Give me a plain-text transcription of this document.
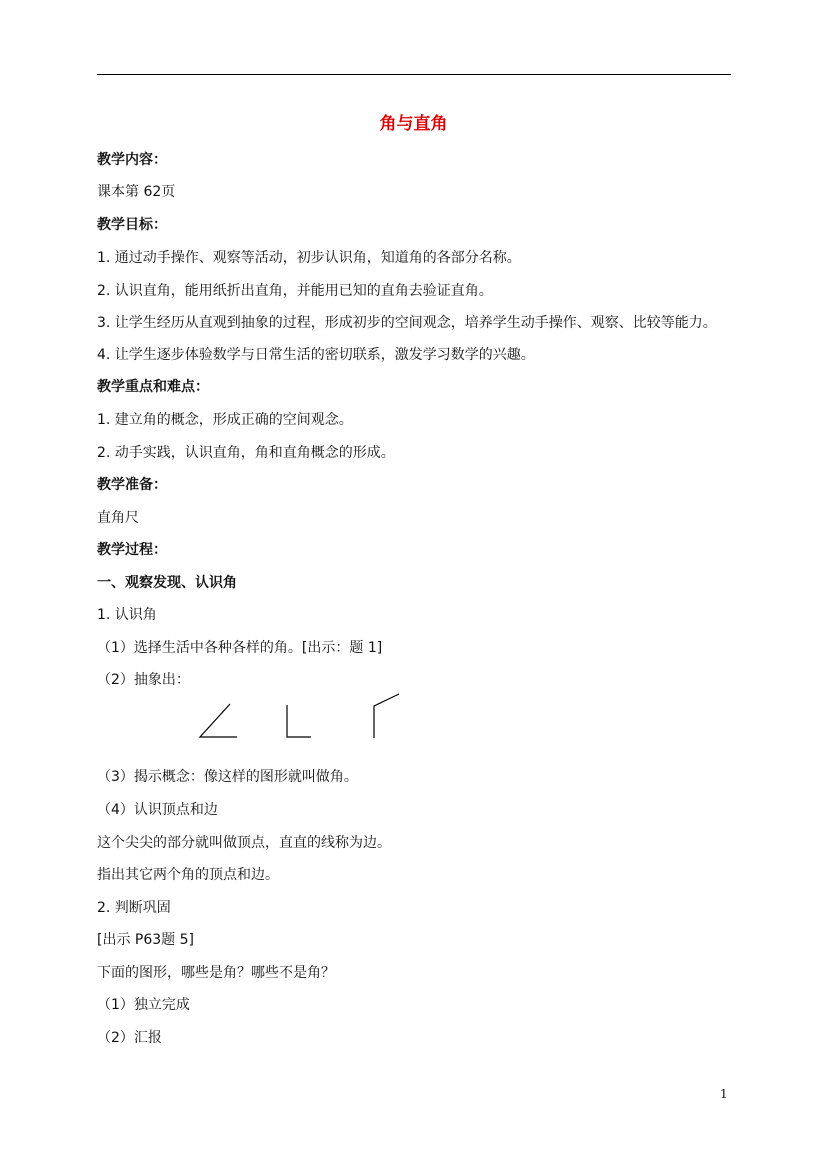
角与直角
教学内容：
课本第 62页
教学目标：
1. 通过动手操作、观察等活动，初步认识角，知道角的各部分名称。
2. 认识直角，能用纸折出直角，并能用已知的直角去验证直角。
3. 让学生经历从直观到抽象的过程，形成初步的空间观念，培养学生动手操作、观察、比较等能力。
4. 让学生逐步体验数学与日常生活的密切联系，激发学习数学的兴趣。
教学重点和难点：
1. 建立角的概念，形成正确的空间观念。
2. 动手实践，认识直角，角和直角概念的形成。
教学准备：
直角尺
教学过程：
一、观察发现、认识角
1. 认识角
（1）选择生活中各种各样的角。[出示：题 1]
（2）抽象出：
（3）揭示概念：像这样的图形就叫做角。
（4）认识顶点和边
这个尖尖的部分就叫做顶点，直直的线称为边。
指出其它两个角的顶点和边。
2. 判断巩固
[出示 P63题 5]
下面的图形，哪些是角？哪些不是角？
（1）独立完成
（2）汇报
1
